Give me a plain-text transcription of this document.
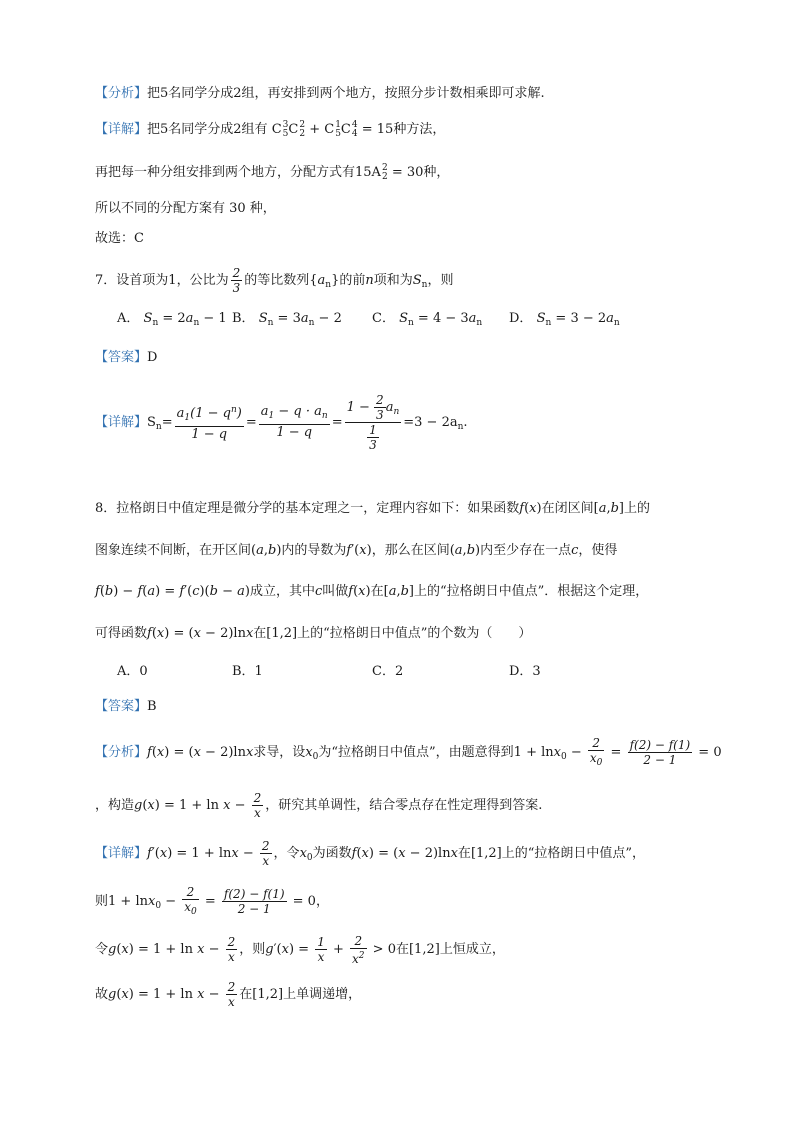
【分析】把5名同学分成2组，再安排到两个地方，按照分步计数相乘即可求解.
【详解】把5名同学分成2组有 C 3
5 C 2
2 + C 1
5 C 4
4 = 15种方法，
再把每一种分组安排到两个地方，分配方式有15A 2
2 = 30种，
所以不同的分配方案有 30 种，
故选：C
7．设首项为1，公比为 $\frac{2}{3}$ 的等比数列$\{a_n\}$的前n项和为$S_n$，则
A． $S_n = 2a_n - 1$ B． $S_n = 3a_n - 2$ C． $S_n = 4 - 3a_n$ D． $S_n = 3 - 2a_n$
【答案】D
【详解】$S_n= \frac{a_1(1 - q^n)}{1 - q} = \frac{a_1 - q \cdot a_n}{1 - q} = \frac{1 - \frac{2}{3} a_n}{\frac{1}{3}} =3 - 2a_n$.
8．拉格朗日中值定理是微分学的基本定理之一，定理内容如下：如果函数f(x)在闭区间[a,b]上的
图象连续不间断，在开区间(a,b)内的导数为f′(x)，那么在区间(a,b)内至少存在一点c，使得
f(b) − f(a) = f′(c)(b − a)成立，其中c叫做f(x)在[a,b]上的“拉格朗日中值点”．根据这个定理，
可得函数f(x) = (x − 2)lnx在[1,2]上的“拉格朗日中值点”的个数为（　　）
A．0	B．1	C．2	D．3
【答案】B
【分析】f(x) = (x − 2)lnx求导，设$x_0$为“拉格朗日中值点”，由题意得到$1 + \ln x_0 - \frac{2}{x_0} = \frac{f(2) - f(1)}{2 - 1} = 0$
，构造$g(x) = 1 + \ln x - \frac{2}{x}$ ，研究其单调性，结合零点存在性定理得到答案.
【详解】$f'(x) = 1 + \ln x - \frac{2}{x}$ ，令$x_0$为函数f(x) = (x − 2)lnx在[1,2]上的“拉格朗日中值点”，
则$1 + \ln x_0 - \frac{2}{x_0} = \frac{f(2) - f(1)}{2 - 1} = 0$，
令$g(x) = 1 + \ln x - \frac{2}{x}$ ，则$g'(x) = \frac{1}{x} + \frac{2}{x^2} > 0$在[1,2]上恒成立，
故$g(x) = 1 + \ln x - \frac{2}{x}$ 在[1,2]上单调递增，
